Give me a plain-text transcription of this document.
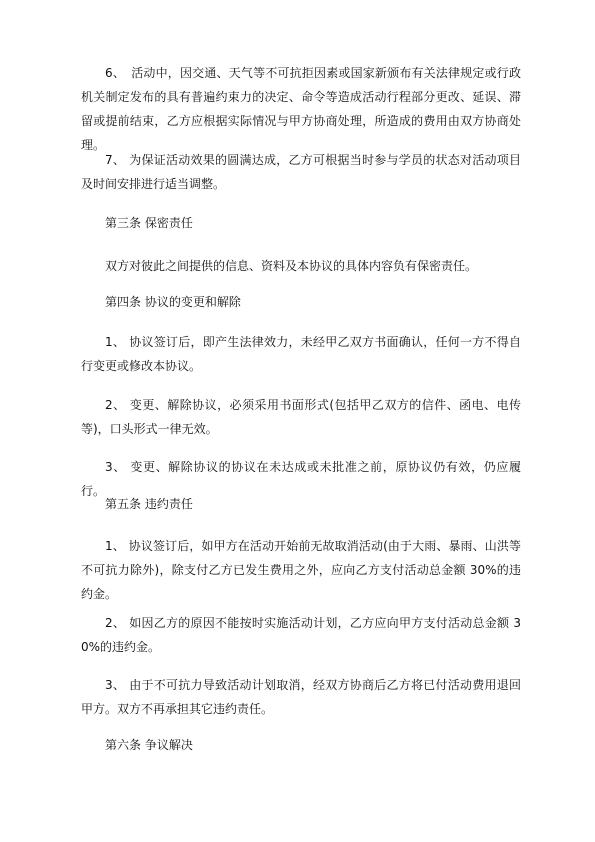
6、　活动中，因交通、天气等不可抗拒因素或国家新颁布有关法律规定或行政机关制定发布的具有普遍约束力的决定、命令等造成活动行程部分更改、延误、滞留或提前结束，乙方应根据实际情况与甲方协商处理，所造成的费用由双方协商处理。

7、 为保证活动效果的圆满达成，乙方可根据当时参与学员的状态对活动项目及时间安排进行适当调整。

第三条 保密责任

双方对彼此之间提供的信息、资料及本协议的具体内容负有保密责任。

第四条 协议的变更和解除

1、 协议签订后，即产生法律效力，未经甲乙双方书面确认，任何一方不得自行变更或修改本协议。

2、 变更、解除协议，必须采用书面形式(包括甲乙双方的信件、函电、电传等)，口头形式一律无效。

3、 变更、解除协议的协议在未达成或未批准之前，原协议仍有效，仍应履行。

第五条 违约责任

1、 协议签订后，如甲方在活动开始前无故取消活动(由于大雨、暴雨、山洪等不可抗力除外)，除支付乙方已发生费用之外，应向乙方支付活动总金额 30%的违约金。

2、 如因乙方的原因不能按时实施活动计划，乙方应向甲方支付活动总金额 30%的违约金。

3、 由于不可抗力导致活动计划取消，经双方协商后乙方将已付活动费用退回甲方。双方不再承担其它违约责任。

第六条 争议解决
